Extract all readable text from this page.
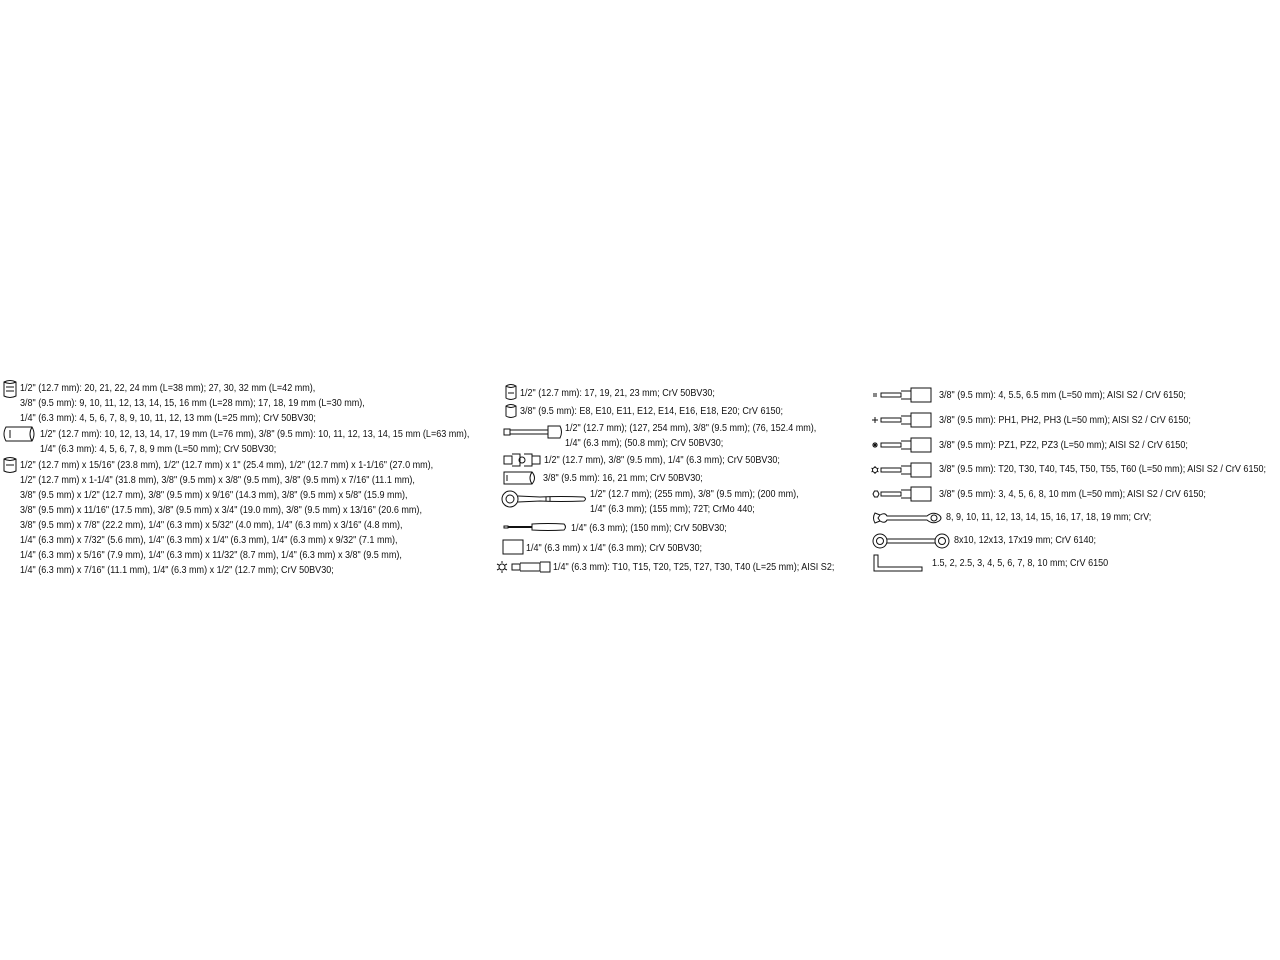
1/2" (12.7 mm): 20, 21, 22, 24 mm (L=38 mm); 27, 30, 32 mm (L=42 mm),
3/8" (9.5 mm): 9, 10, 11, 12, 13, 14, 15, 16 mm (L=28 mm); 17, 18, 19 mm (L=30 mm),
1/4" (6.3 mm): 4, 5, 6, 7, 8, 9, 10, 11, 12, 13 mm (L=25 mm); CrV 50BV30;
1/2" (12.7 mm): 10, 12, 13, 14, 17, 19 mm (L=76 mm), 3/8" (9.5 mm): 10, 11, 12, 13, 14, 15 mm (L=63 mm),
1/4" (6.3 mm): 4, 5, 6, 7, 8, 9 mm (L=50 mm); CrV 50BV30;
1/2" (12.7 mm) x 15/16" (23.8 mm), 1/2" (12.7 mm) x 1" (25.4 mm), 1/2" (12.7 mm) x 1-1/16" (27.0 mm),
1/2" (12.7 mm) x 1-1/4" (31.8 mm), 3/8" (9.5 mm) x 3/8" (9.5 mm), 3/8" (9.5 mm) x 7/16" (11.1 mm),
3/8" (9.5 mm) x 1/2" (12.7 mm), 3/8" (9.5 mm) x 9/16" (14.3 mm), 3/8" (9.5 mm) x 5/8" (15.9 mm),
3/8" (9.5 mm) x 11/16" (17.5 mm), 3/8" (9.5 mm) x 3/4" (19.0 mm), 3/8" (9.5 mm) x 13/16" (20.6 mm),
3/8" (9.5 mm) x 7/8" (22.2 mm), 1/4" (6.3 mm) x 5/32" (4.0 mm), 1/4" (6.3 mm) x 3/16" (4.8 mm),
1/4" (6.3 mm) x 7/32" (5.6 mm), 1/4" (6.3 mm) x 1/4" (6.3 mm), 1/4" (6.3 mm) x 9/32" (7.1 mm),
1/4" (6.3 mm) x 5/16" (7.9 mm), 1/4" (6.3 mm) x 11/32" (8.7 mm), 1/4" (6.3 mm) x 3/8" (9.5 mm),
1/4" (6.3 mm) x 7/16" (11.1 mm), 1/4" (6.3 mm) x 1/2" (12.7 mm); CrV 50BV30;
1/2" (12.7 mm): 17, 19, 21, 23 mm; CrV 50BV30;
3/8" (9.5 mm): E8, E10, E11, E12, E14, E16, E18, E20; CrV 6150;
1/2" (12.7 mm); (127, 254 mm), 3/8" (9.5 mm); (76, 152.4 mm),
1/4" (6.3 mm); (50.8 mm); CrV 50BV30;
1/2" (12.7 mm), 3/8" (9.5 mm), 1/4" (6.3 mm); CrV 50BV30;
3/8" (9.5 mm): 16, 21 mm; CrV 50BV30;
1/2" (12.7 mm); (255 mm), 3/8" (9.5 mm); (200 mm),
1/4" (6.3 mm); (155 mm); 72T; CrMo 440;
1/4" (6.3 mm); (150 mm); CrV 50BV30;
1/4" (6.3 mm) x 1/4" (6.3 mm); CrV 50BV30;
1/4" (6.3 mm): T10, T15, T20, T25, T27, T30, T40 (L=25 mm); AISI S2;
3/8" (9.5 mm): 4, 5.5, 6.5 mm (L=50 mm); AISI S2 / CrV 6150;
3/8" (9.5 mm): PH1, PH2, PH3 (L=50 mm); AISI S2 / CrV 6150;
3/8" (9.5 mm): PZ1, PZ2, PZ3 (L=50 mm); AISI S2 / CrV 6150;
3/8" (9.5 mm): T20, T30, T40, T45, T50, T55, T60 (L=50 mm); AISI S2 / CrV 6150;
3/8" (9.5 mm): 3, 4, 5, 6, 8, 10 mm (L=50 mm); AISI S2 / CrV 6150;
8, 9, 10, 11, 12, 13, 14, 15, 16, 17, 18, 19 mm; CrV;
8x10, 12x13, 17x19 mm; CrV 6140;
1.5, 2, 2.5, 3, 4, 5, 6, 7, 8, 10 mm; CrV 6150
